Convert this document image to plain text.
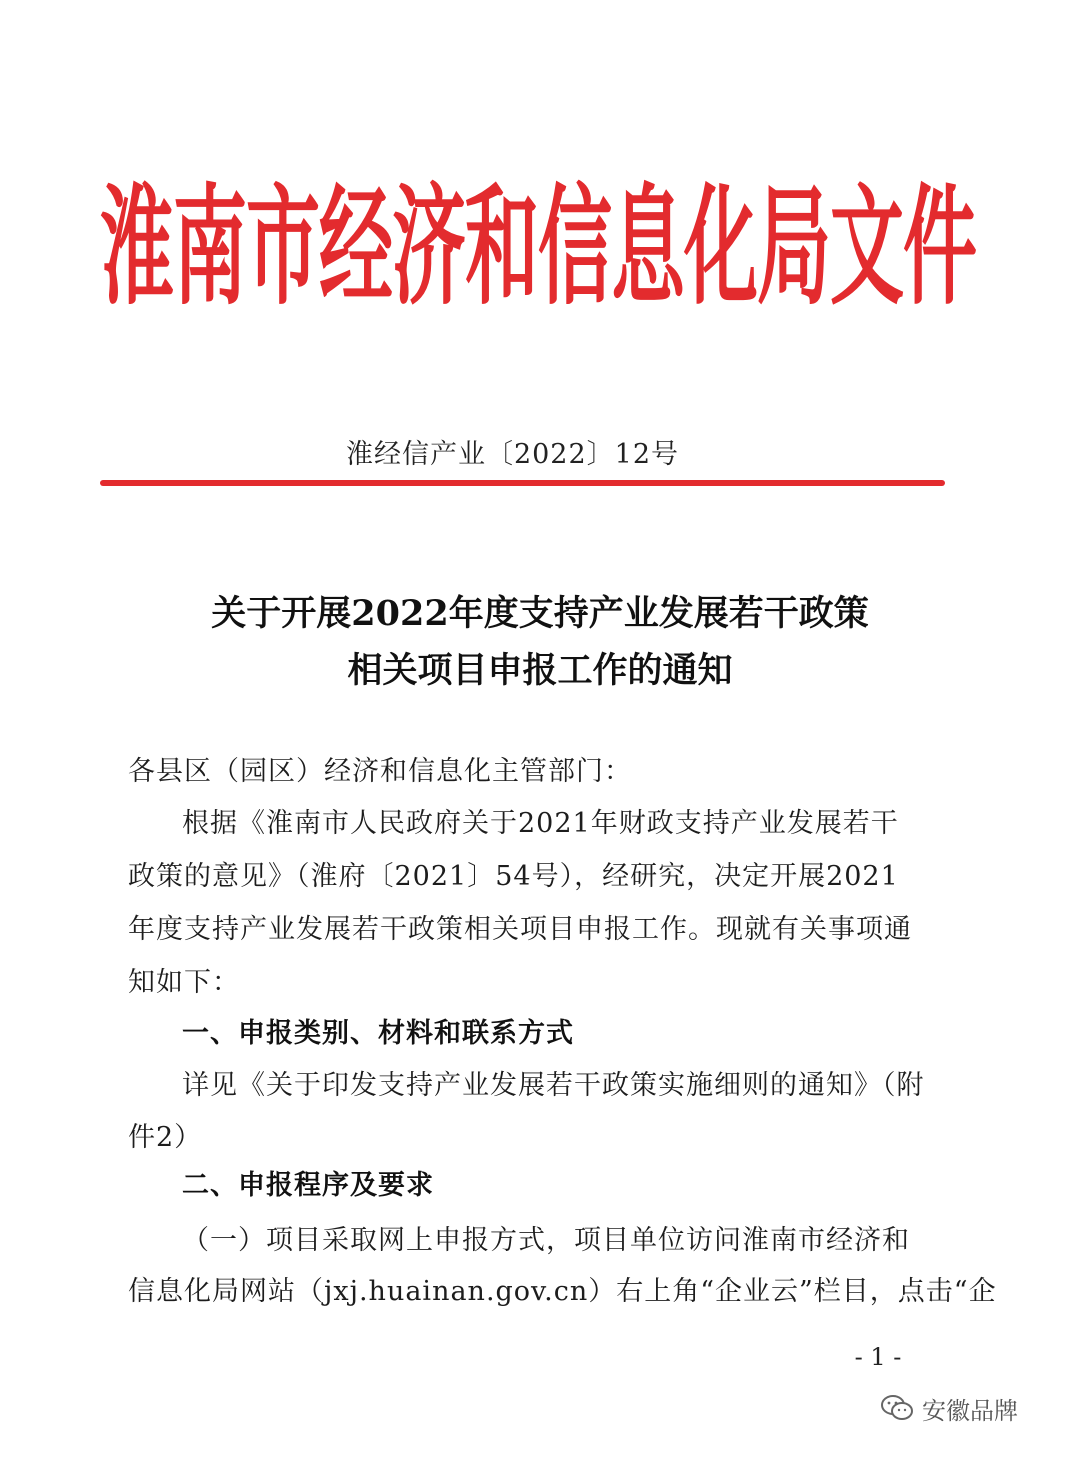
淮南市经济和信息化局文件
淮经信产业〔2022〕12号
关于开展2022年度支持产业发展若干政策
相关项目申报工作的通知
各县区（园区）经济和信息化主管部门：
根据《淮南市人民政府关于2021年财政支持产业发展若干
政策的意见》（淮府〔2021〕54号），经研究，决定开展2021
年度支持产业发展若干政策相关项目申报工作。现就有关事项通
知如下：
一、申报类别、材料和联系方式
详见《关于印发支持产业发展若干政策实施细则的通知》（附
件2）
二、申报程序及要求
（一）项目采取网上申报方式，项目单位访问淮南市经济和
信息化局网站（jxj.huainan.gov.cn）右上角“企业云”栏目，点击“企
- 1 -
安徽品牌
